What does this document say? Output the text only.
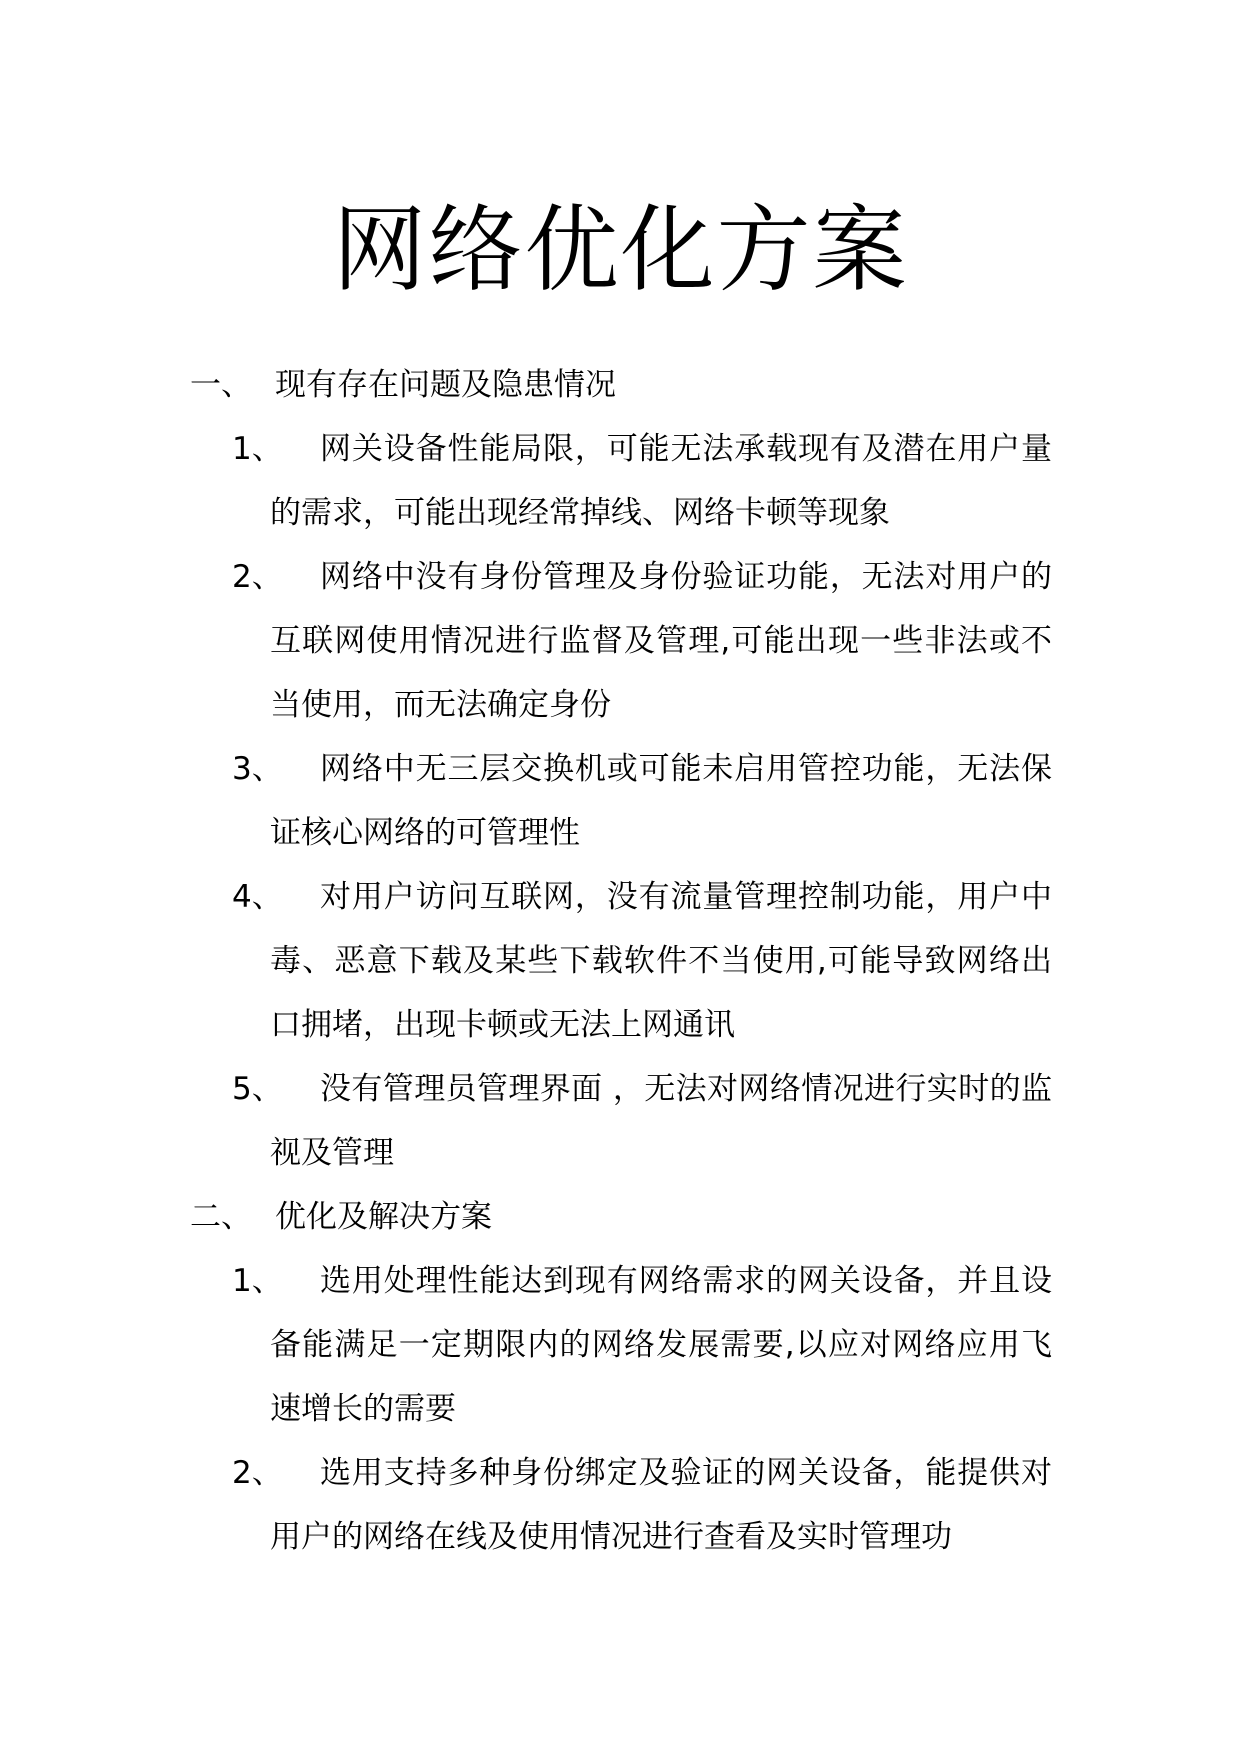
网络优化方案
一、 现有存在问题及隐患情况
1、	网关设备性能局限，可能无法承载现有及潜在用户量的需求，可能出现经常掉线、网络卡顿等现象
2、	网络中没有身份管理及身份验证功能，无法对用户的互联网使用情况进行监督及管理,可能出现一些非法或不当使用，而无法确定身份
3、	网络中无三层交换机或可能未启用管控功能，无法保证核心网络的可管理性
4、	对用户访问互联网，没有流量管理控制功能，用户中毒、恶意下载及某些下载软件不当使用,可能导致网络出口拥堵，出现卡顿或无法上网通讯
5、	没有管理员管理界面 ，无法对网络情况进行实时的监视及管理
二、 优化及解决方案
1、	选用处理性能达到现有网络需求的网关设备，并且设备能满足一定期限内的网络发展需要,以应对网络应用飞速增长的需要
2、	选用支持多种身份绑定及验证的网关设备，能提供对用户的网络在线及使用情况进行查看及实时管理功
